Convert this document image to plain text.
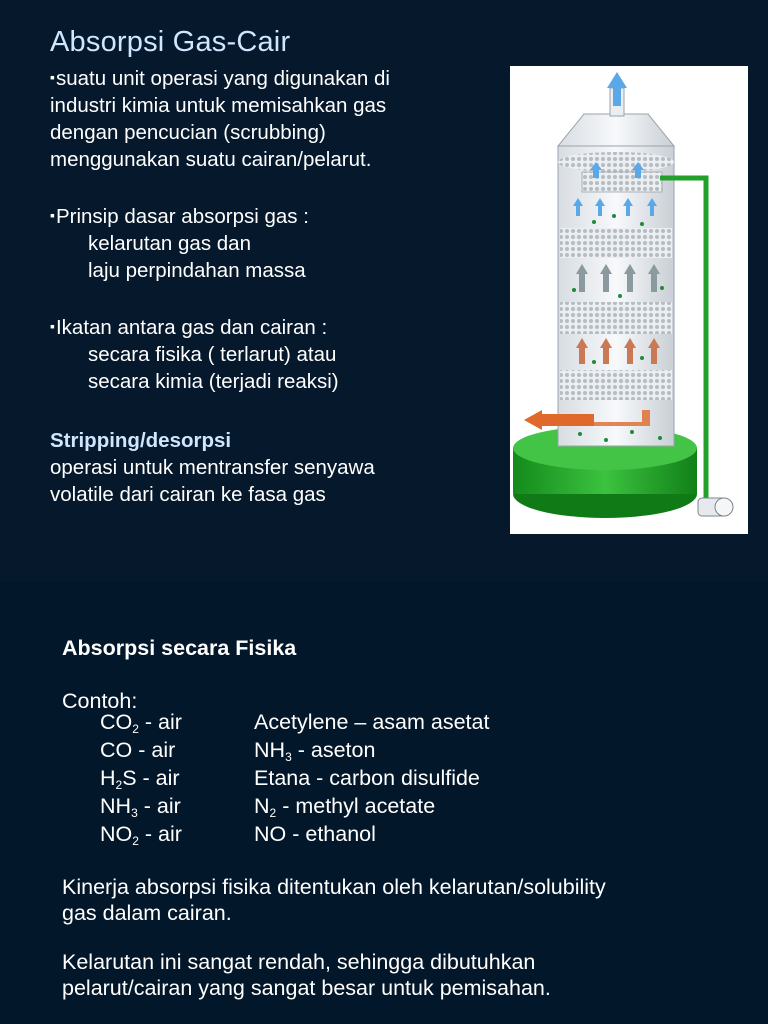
Absorpsi Gas-Cair
▪ suatu unit operasi yang digunakan di
industri kimia untuk memisahkan gas
dengan pencucian (scrubbing)
menggunakan suatu cairan/pelarut.
▪ Prinsip dasar absorpsi gas :
kelarutan gas dan
laju perpindahan massa
▪ Ikatan antara gas dan cairan :
secara fisika ( terlarut) atau
secara kimia (terjadi reaksi)
Stripping/desorpsi
operasi untuk mentransfer senyawa
volatile dari cairan ke fasa gas
Absorpsi secara Fisika
Contoh:
$CO_2$ - air	Acetylene – asam asetat
CO - air	$NH_3$ - aseton
$H_2S$ - air	Etana - carbon disulfide
$NH_3$ - air	$N_2$ - methyl acetate
$NO_2$ - air	NO - ethanol
Kinerja absorpsi fisika ditentukan oleh kelarutan/solubility
gas dalam cairan.
Kelarutan ini sangat rendah, sehingga dibutuhkan
pelarut/cairan yang sangat besar untuk pemisahan.
